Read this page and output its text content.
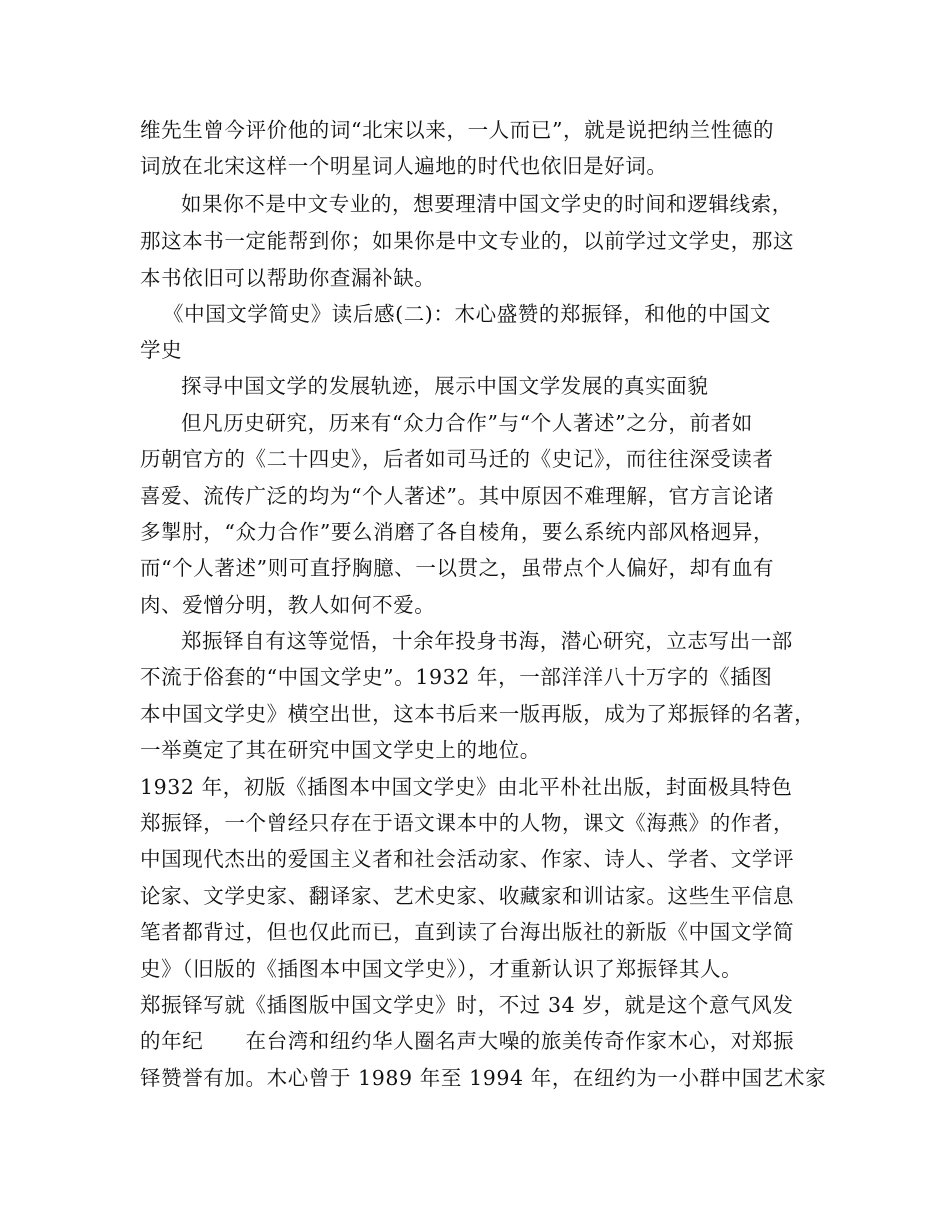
维先生曾今评价他的词“北宋以来，一人而已”，就是说把纳兰性德的
词放在北宋这样一个明星词人遍地的时代也依旧是好词。
如果你不是中文专业的，想要理清中国文学史的时间和逻辑线索，
那这本书一定能帮到你；如果你是中文专业的，以前学过文学史，那这
本书依旧可以帮助你查漏补缺。
《中国文学简史》读后感(二)：木心盛赞的郑振铎，和他的中国文
学史
探寻中国文学的发展轨迹，展示中国文学发展的真实面貌
但凡历史研究，历来有“众力合作”与“个人著述”之分，前者如
历朝官方的《二十四史》，后者如司马迁的《史记》，而往往深受读者
喜爱、流传广泛的均为“个人著述”。其中原因不难理解，官方言论诸
多掣肘，“众力合作”要么消磨了各自棱角，要么系统内部风格迥异，
而“个人著述”则可直抒胸臆、一以贯之，虽带点个人偏好，却有血有
肉、爱憎分明，教人如何不爱。
郑振铎自有这等觉悟，十余年投身书海，潜心研究，立志写出一部
不流于俗套的“中国文学史”。1932 年，一部洋洋八十万字的《插图
本中国文学史》横空出世，这本书后来一版再版，成为了郑振铎的名著，
一举奠定了其在研究中国文学史上的地位。
1932 年，初版《插图本中国文学史》由北平朴社出版，封面极具特色
郑振铎，一个曾经只存在于语文课本中的人物，课文《海燕》的作者，
中国现代杰出的爱国主义者和社会活动家、作家、诗人、学者、文学评
论家、文学史家、翻译家、艺术史家、收藏家和训诂家。这些生平信息
笔者都背过，但也仅此而已，直到读了台海出版社的新版《中国文学简
史》（旧版的《插图本中国文学史》），才重新认识了郑振铎其人。
郑振铎写就《插图版中国文学史》时，不过 34 岁，就是这个意气风发
的年纪　　在台湾和纽约华人圈名声大噪的旅美传奇作家木心，对郑振
铎赞誉有加。木心曾于 1989 年至 1994 年，在纽约为一小群中国艺术家
